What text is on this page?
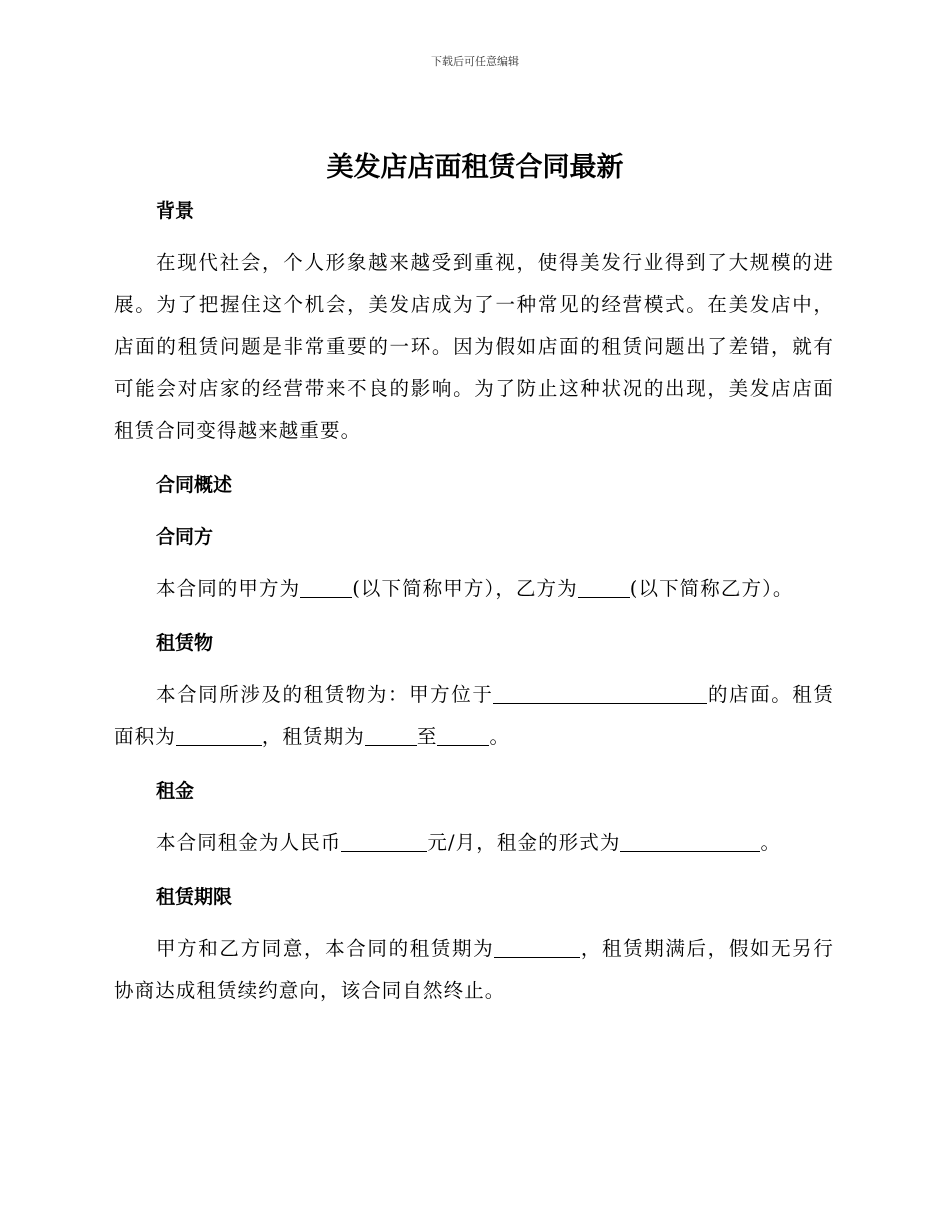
下载后可任意编辑
美发店店面租赁合同最新
背景

在现代社会，个人形象越来越受到重视，使得美发行业得到了大规模的进展。为了把握住这个机会，美发店成为了一种常见的经营模式。在美发店中，店面的租赁问题是非常重要的一环。因为假如店面的租赁问题出了差错，就有可能会对店家的经营带来不良的影响。为了防止这种状况的出现，美发店店面租赁合同变得越来越重要。

合同概述
合同方

本合同的甲方为	(以下简称甲方），乙方为	(以下简称乙方）。

租赁物

本合同所涉及的租赁物为：甲方位于	的店面。租赁面积为	，租赁期为	至	。

租金

本合同租金为人民币	元/月，租金的形式为	。

租赁期限

甲方和乙方同意，本合同的租赁期为	，租赁期满后，假如无另行协商达成租赁续约意向，该合同自然终止。
